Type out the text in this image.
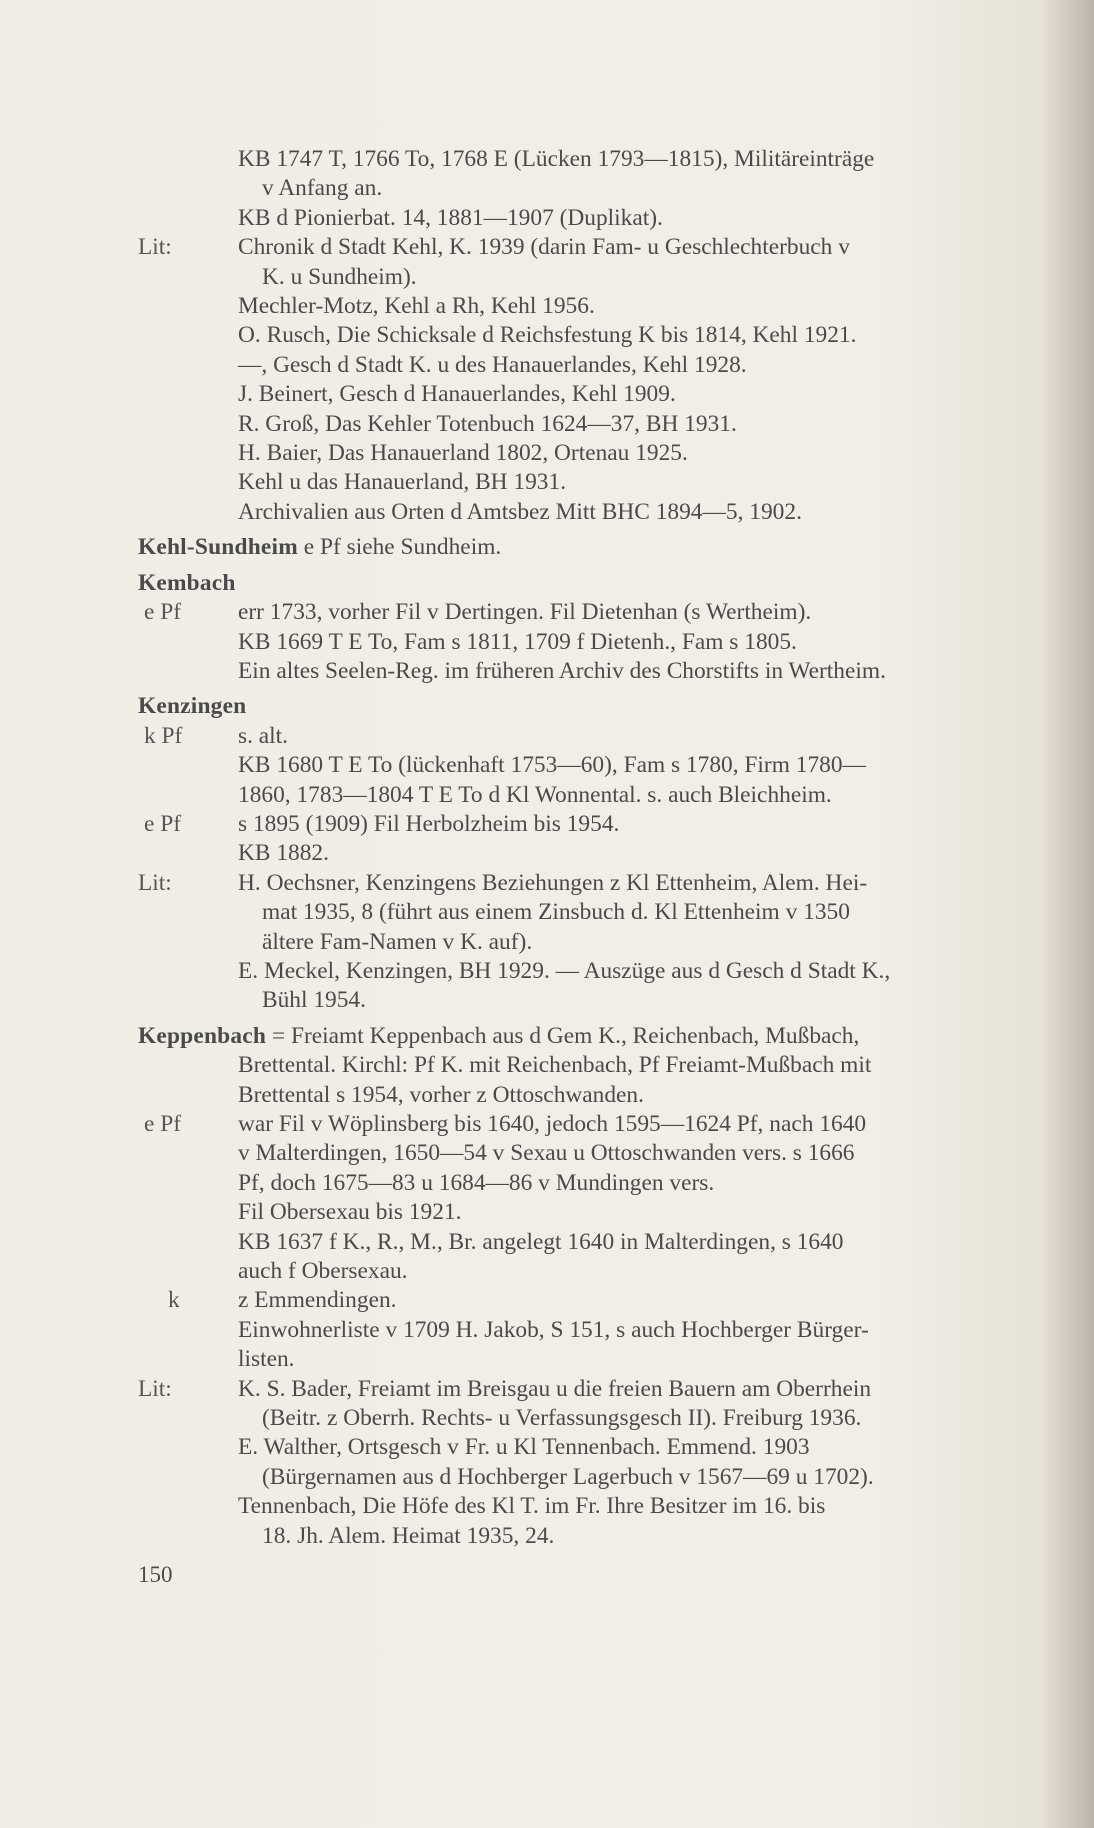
KB 1747 T, 1766 To, 1768 E (Lücken 1793—1815), Militäreinträge
v Anfang an.
KB d Pionierbat. 14, 1881—1907 (Duplikat).
Lit:	Chronik d Stadt Kehl, K. 1939 (darin Fam- u Geschlechterbuch v
K. u Sundheim).
Mechler-Motz, Kehl a Rh, Kehl 1956.
O. Rusch, Die Schicksale d Reichsfestung K bis 1814, Kehl 1921.
—, Gesch d Stadt K. u des Hanauerlandes, Kehl 1928.
J. Beinert, Gesch d Hanauerlandes, Kehl 1909.
R. Groß, Das Kehler Totenbuch 1624—37, BH 1931.
H. Baier, Das Hanauerland 1802, Ortenau 1925.
Kehl u das Hanauerland, BH 1931.
Archivalien aus Orten d Amtsbez Mitt BHC 1894—5, 1902.
Kehl-Sundheim e Pf siehe Sundheim.
Kembach
e Pf err 1733, vorher Fil v Dertingen. Fil Dietenhan (s Wertheim).
KB 1669 T E To, Fam s 1811, 1709 f Dietenh., Fam s 1805.
Ein altes Seelen-Reg. im früheren Archiv des Chorstifts in Wertheim.
Kenzingen
k Pf s. alt.
KB 1680 T E To (lückenhaft 1753—60), Fam s 1780, Firm 1780—
1860, 1783—1804 T E To d Kl Wonnental. s. auch Bleichheim.
e Pf s 1895 (1909) Fil Herbolzheim bis 1954.
KB 1882.
Lit:	H. Oechsner, Kenzingens Beziehungen z Kl Ettenheim, Alem. Hei-
mat 1935, 8 (führt aus einem Zinsbuch d. Kl Ettenheim v 1350
ältere Fam-Namen v K. auf).
E. Meckel, Kenzingen, BH 1929. — Auszüge aus d Gesch d Stadt K.,
Bühl 1954.
Keppenbach = Freiamt Keppenbach aus d Gem K., Reichenbach, Mußbach,
Brettental. Kirchl: Pf K. mit Reichenbach, Pf Freiamt-Mußbach mit
Brettental s 1954, vorher z Ottoschwanden.
e Pf war Fil v Wöplinsberg bis 1640, jedoch 1595—1624 Pf, nach 1640
v Malterdingen, 1650—54 v Sexau u Ottoschwanden vers. s 1666
Pf, doch 1675—83 u 1684—86 v Mundingen vers.
Fil Obersexau bis 1921.
KB 1637 f K., R., M., Br. angelegt 1640 in Malterdingen, s 1640
auch f Obersexau.
k z Emmendingen.
Einwohnerliste v 1709 H. Jakob, S 151, s auch Hochberger Bürger-
listen.
Lit:	K. S. Bader, Freiamt im Breisgau u die freien Bauern am Oberrhein
(Beitr. z Oberrh. Rechts- u Verfassungsgesch II). Freiburg 1936.
E. Walther, Ortsgesch v Fr. u Kl Tennenbach. Emmend. 1903
(Bürgernamen aus d Hochberger Lagerbuch v 1567—69 u 1702).
Tennenbach, Die Höfe des Kl T. im Fr. Ihre Besitzer im 16. bis
18. Jh. Alem. Heimat 1935, 24.
150
